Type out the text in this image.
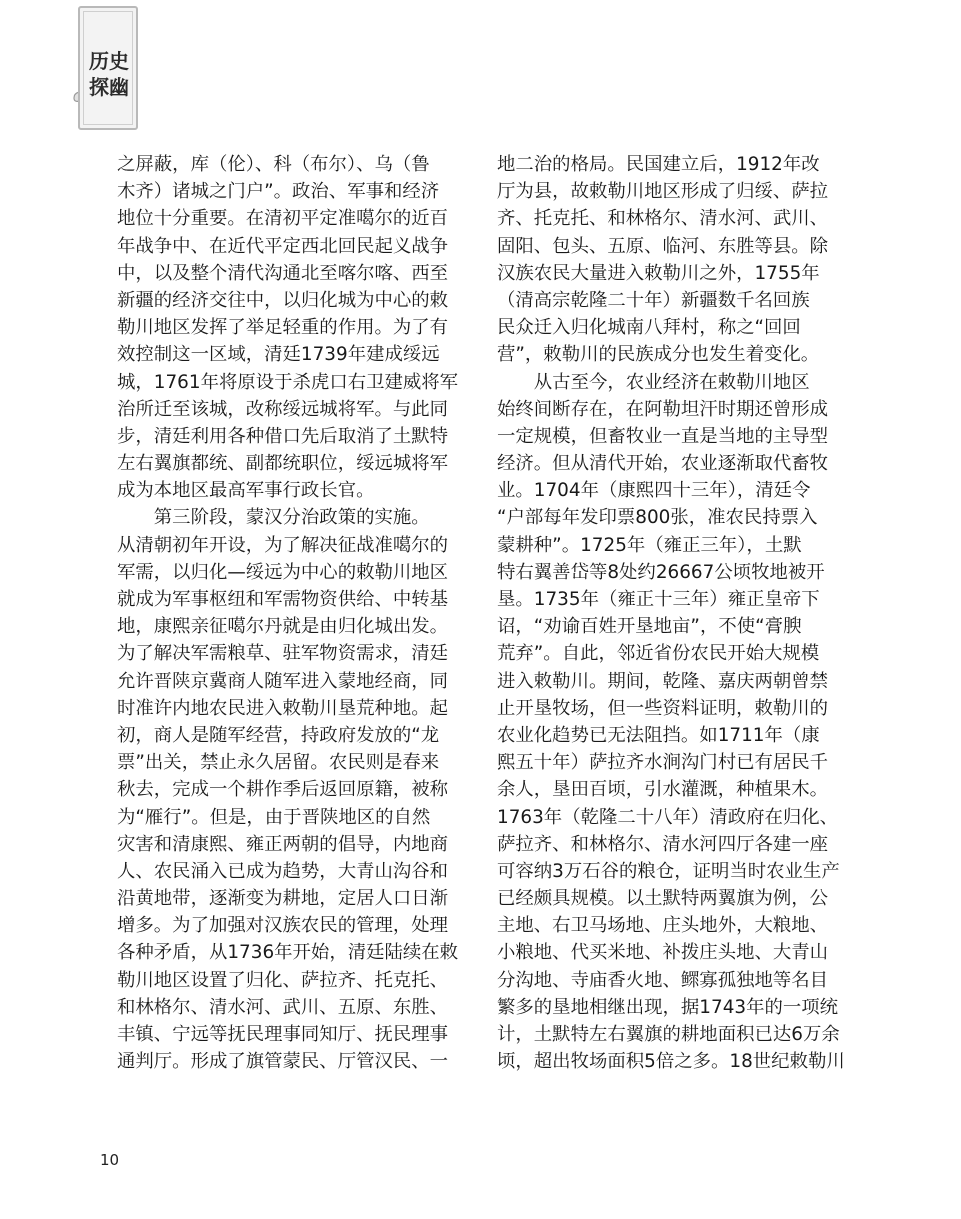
历史
探幽
之屏蔽，库（伦）、科（布尔）、乌（鲁
木齐）诸城之门户”。政治、军事和经济
地位十分重要。在清初平定准噶尔的近百
年战争中、在近代平定西北回民起义战争
中，以及整个清代沟通北至喀尔喀、西至
新疆的经济交往中，以归化城为中心的敕
勒川地区发挥了举足轻重的作用。为了有
效控制这一区域，清廷1739年建成绥远
城，1761年将原设于杀虎口右卫建威将军
治所迁至该城，改称绥远城将军。与此同
步，清廷利用各种借口先后取消了土默特
左右翼旗都统、副都统职位，绥远城将军
成为本地区最高军事行政长官。
　　第三阶段，蒙汉分治政策的实施。
从清朝初年开设，为了解决征战准噶尔的
军需，以归化—绥远为中心的敕勒川地区
就成为军事枢纽和军需物资供给、中转基
地，康熙亲征噶尔丹就是由归化城出发。
为了解决军需粮草、驻军物资需求，清廷
允许晋陕京冀商人随军进入蒙地经商，同
时准许内地农民进入敕勒川垦荒种地。起
初，商人是随军经营，持政府发放的“龙
票”出关，禁止永久居留。农民则是春来
秋去，完成一个耕作季后返回原籍，被称
为“雁行”。但是，由于晋陕地区的自然
灾害和清康熙、雍正两朝的倡导，内地商
人、农民涌入已成为趋势，大青山沟谷和
沿黄地带，逐渐变为耕地，定居人口日渐
增多。为了加强对汉族农民的管理，处理
各种矛盾，从1736年开始，清廷陆续在敕
勒川地区设置了归化、萨拉齐、托克托、
和林格尔、清水河、武川、五原、东胜、
丰镇、宁远等抚民理事同知厅、抚民理事
通判厅。形成了旗管蒙民、厅管汉民、一
地二治的格局。民国建立后，1912年改
厅为县，故敕勒川地区形成了归绥、萨拉
齐、托克托、和林格尔、清水河、武川、
固阳、包头、五原、临河、东胜等县。除
汉族农民大量进入敕勒川之外，1755年
（清高宗乾隆二十年）新疆数千名回族
民众迁入归化城南八拜村，称之“回回
营”，敕勒川的民族成分也发生着变化。
　　从古至今，农业经济在敕勒川地区
始终间断存在，在阿勒坦汗时期还曾形成
一定规模，但畜牧业一直是当地的主导型
经济。但从清代开始，农业逐渐取代畜牧
业。1704年（康熙四十三年），清廷令
“户部每年发印票800张，准农民持票入
蒙耕种”。1725年（雍正三年），土默
特右翼善岱等8处约26667公顷牧地被开
垦。1735年（雍正十三年）雍正皇帝下
诏，“劝谕百姓开垦地亩”，不使“膏腴
荒弃”。自此，邻近省份农民开始大规模
进入敕勒川。期间，乾隆、嘉庆两朝曾禁
止开垦牧场，但一些资料证明，敕勒川的
农业化趋势已无法阻挡。如1711年（康
熙五十年）萨拉齐水涧沟门村已有居民千
余人，垦田百顷，引水灌溉，种植果木。
1763年（乾隆二十八年）清政府在归化、
萨拉齐、和林格尔、清水河四厅各建一座
可容纳3万石谷的粮仓，证明当时农业生产
已经颇具规模。以土默特两翼旗为例，公
主地、右卫马场地、庄头地外，大粮地、
小粮地、代买米地、补拨庄头地、大青山
分沟地、寺庙香火地、鳏寡孤独地等名目
繁多的垦地相继出现，据1743年的一项统
计，土默特左右翼旗的耕地面积已达6万余
顷，超出牧场面积5倍之多。18世纪敕勒川
10
